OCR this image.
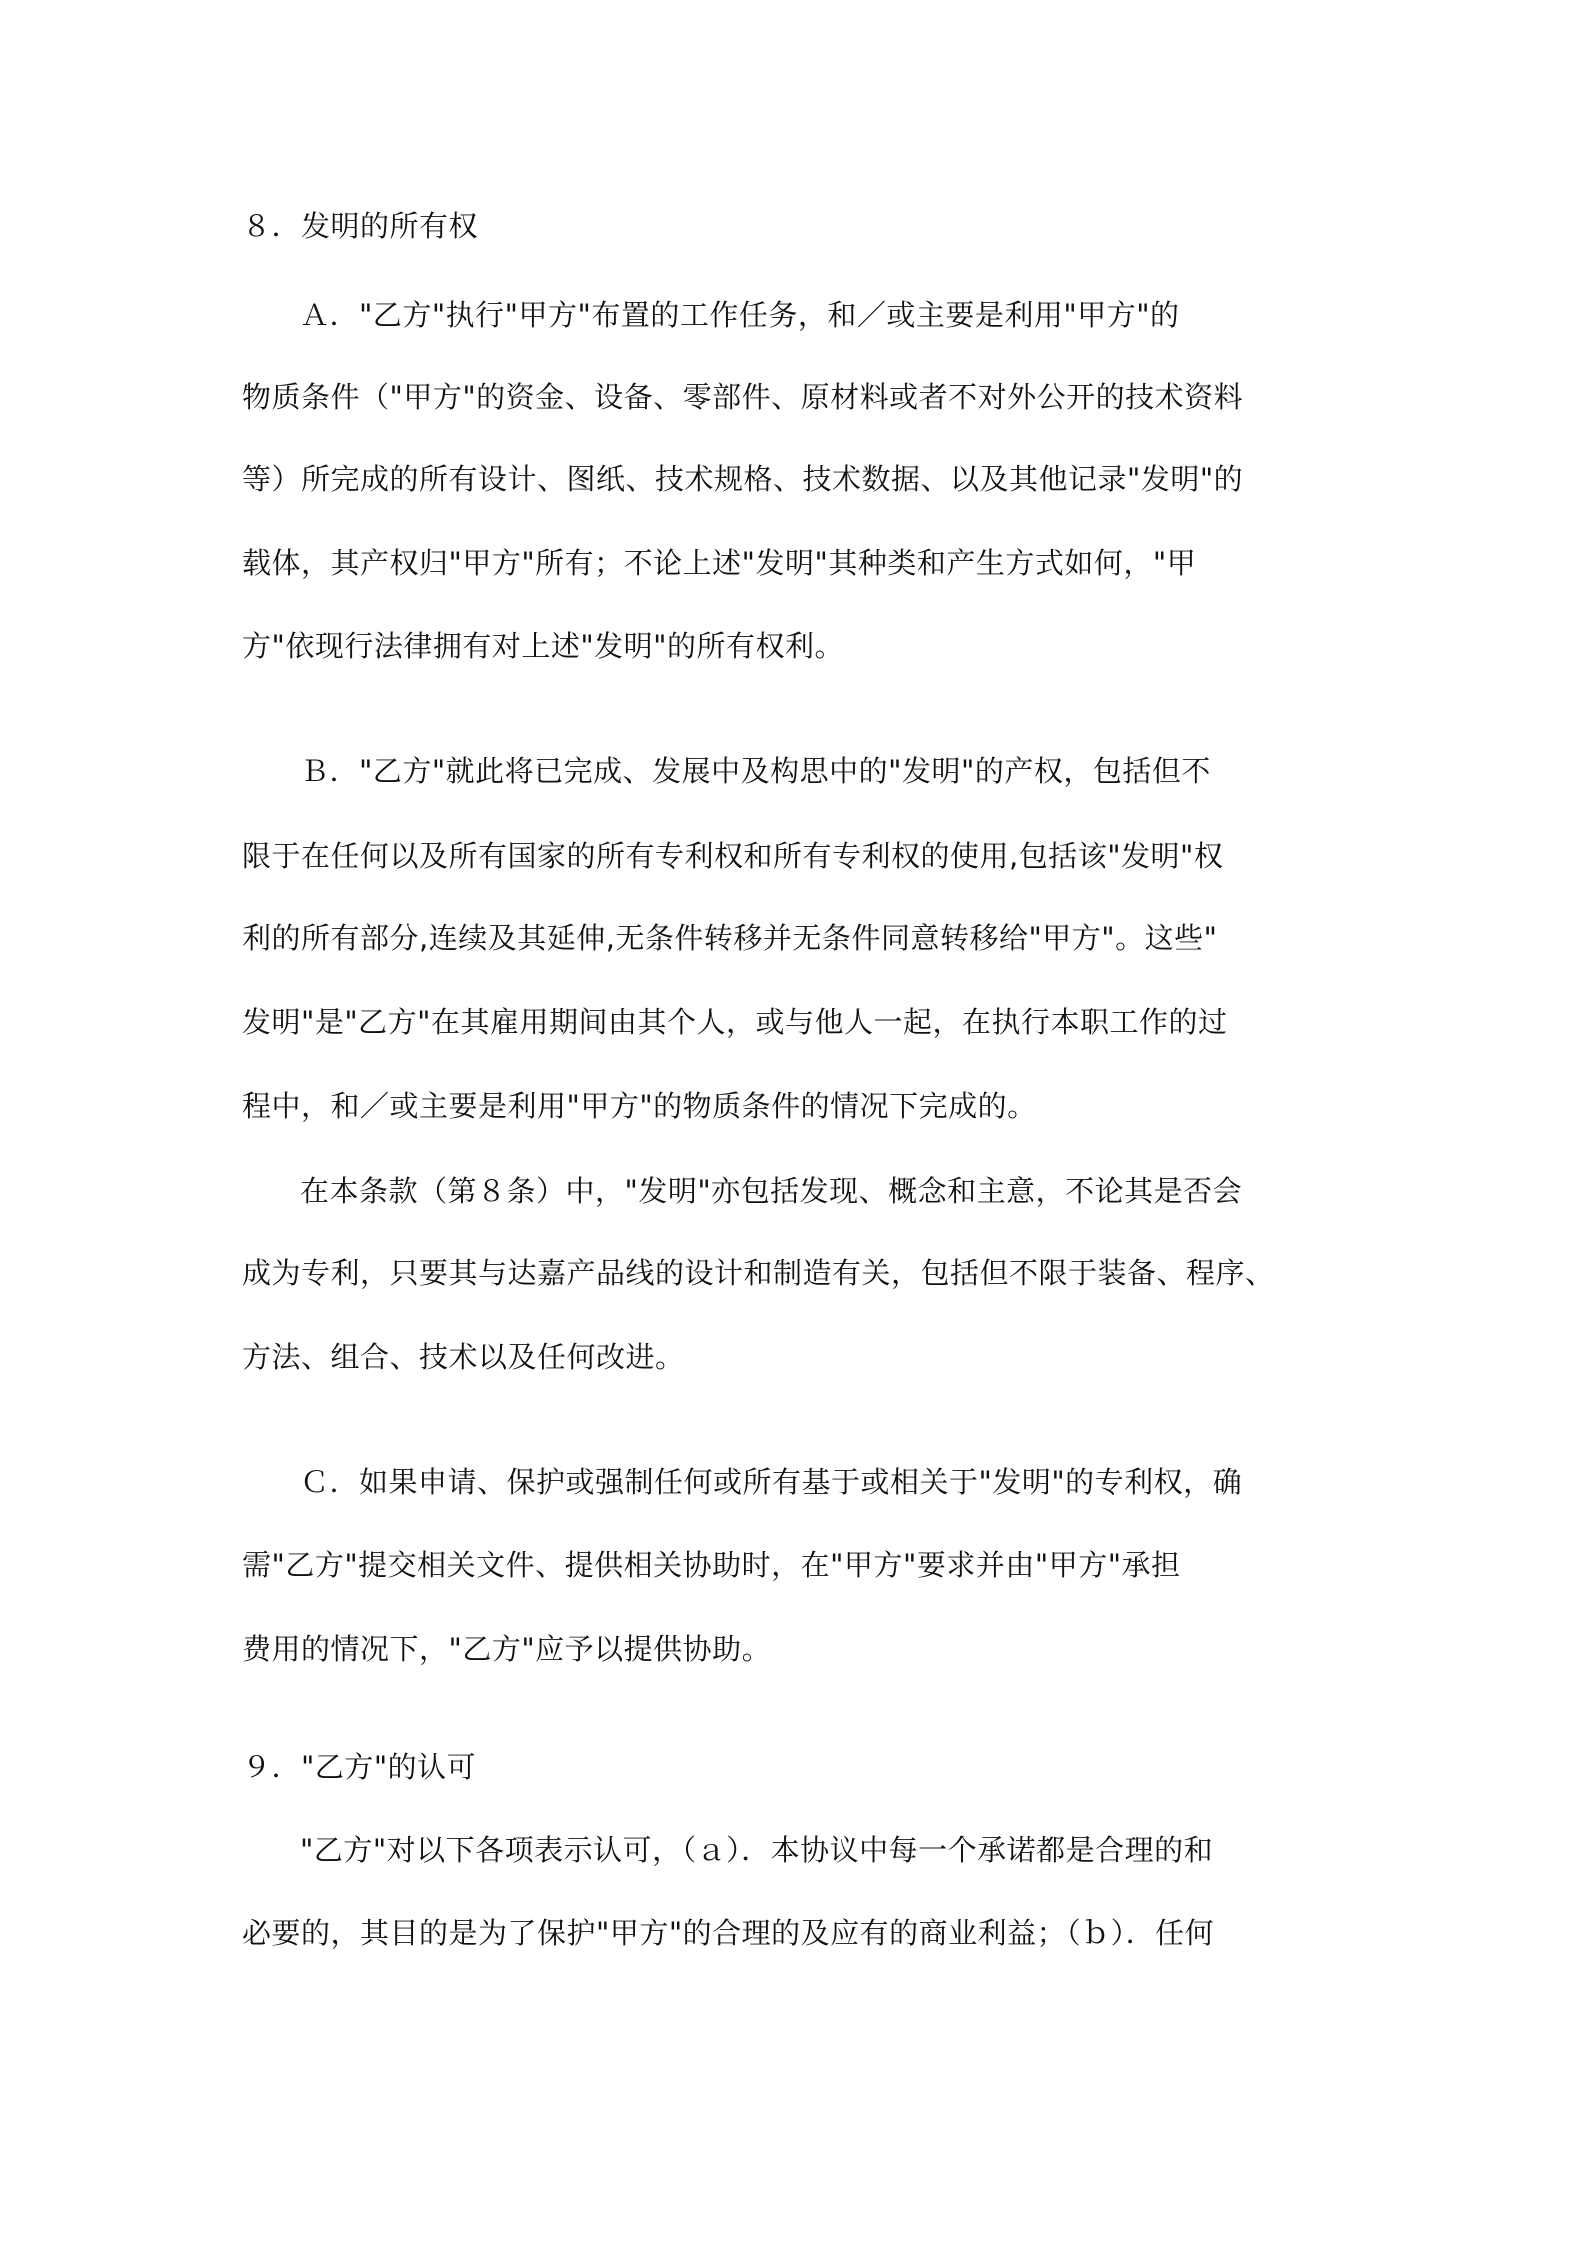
８．发明的所有权
Ａ．"乙方"执行"甲方"布置的工作任务，和／或主要是利用"甲方"的
物质条件（"甲方"的资金、设备、零部件、原材料或者不对外公开的技术资料
等）所完成的所有设计、图纸、技术规格、技术数据、以及其他记录"发明"的
载体，其产权归"甲方"所有；不论上述"发明"其种类和产生方式如何，"甲
方"依现行法律拥有对上述"发明"的所有权利。
Ｂ．"乙方"就此将已完成、发展中及构思中的"发明"的产权，包括但不
限于在任何以及所有国家的所有专利权和所有专利权的使用,包括该"发明"权
利的所有部分,连续及其延伸,无条件转移并无条件同意转移给"甲方"。这些"
发明"是"乙方"在其雇用期间由其个人，或与他人一起，在执行本职工作的过
程中，和／或主要是利用"甲方"的物质条件的情况下完成的。
在本条款（第８条）中，"发明"亦包括发现、概念和主意，不论其是否会
成为专利，只要其与达嘉产品线的设计和制造有关，包括但不限于装备、程序、
方法、组合、技术以及任何改进。
Ｃ．如果申请、保护或强制任何或所有基于或相关于"发明"的专利权，确
需"乙方"提交相关文件、提供相关协助时，在"甲方"要求并由"甲方"承担
费用的情况下，"乙方"应予以提供协助。
９．"乙方"的认可
"乙方"对以下各项表示认可，（ａ）．本协议中每一个承诺都是合理的和
必要的，其目的是为了保护"甲方"的合理的及应有的商业利益；（ｂ）．任何
